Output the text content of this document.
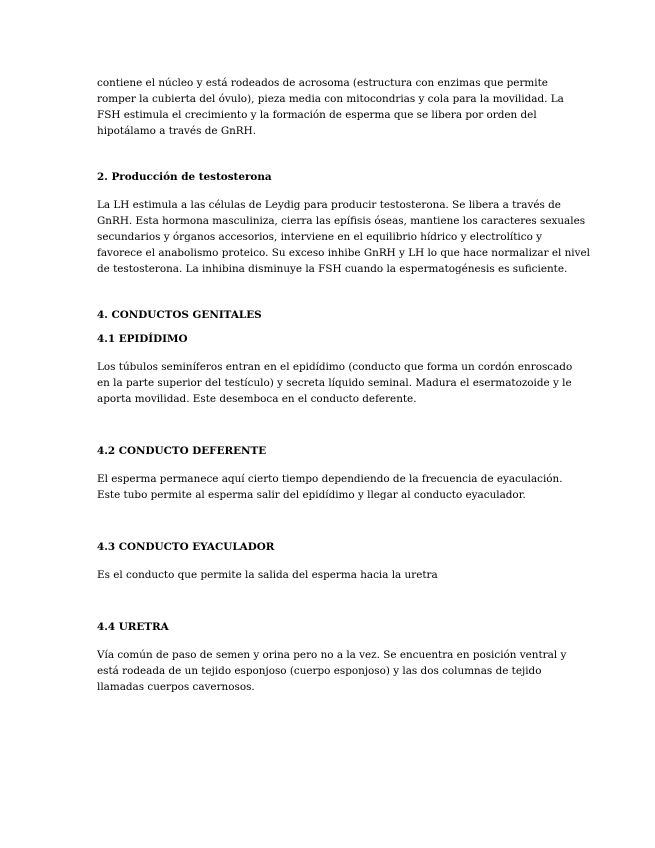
contiene el núcleo y está rodeados de acrosoma (estructura con enzimas que permite
romper la cubierta del óvulo), pieza media con mitocondrias y cola para la movilidad. La
FSH estimula el crecimiento y la formación de esperma que se libera por orden del
hipotálamo a través de GnRH.

2. Producción de testosterona

La LH estimula a las células de Leydig para producir testosterona. Se libera a través de
GnRH. Esta hormona masculiniza, cierra las epífisis óseas, mantiene los caracteres sexuales
secundarios y órganos accesorios, interviene en el equilibrio hídrico y electrolítico y
favorece el anabolismo proteico. Su exceso inhibe GnRH y LH lo que hace normalizar el nivel
de testosterona. La inhibina disminuye la FSH cuando la espermatogénesis es suficiente.

4. CONDUCTOS GENITALES
4.1 EPIDÍDIMO

Los túbulos seminíferos entran en el epidídimo (conducto que forma un cordón enroscado
en la parte superior del testículo) y secreta líquido seminal. Madura el esermatozoide y le
aporta movilidad. Este desemboca en el conducto deferente.

4.2 CONDUCTO DEFERENTE

El esperma permanece aquí cierto tiempo dependiendo de la frecuencia de eyaculación.
Este tubo permite al esperma salir del epidídimo y llegar al conducto eyaculador.

4.3 CONDUCTO EYACULADOR

Es el conducto que permite la salida del esperma hacia la uretra

4.4 URETRA

Vía común de paso de semen y orina pero no a la vez. Se encuentra en posición ventral y
está rodeada de un tejido esponjoso (cuerpo esponjoso) y las dos columnas de tejido
llamadas cuerpos cavernosos.
